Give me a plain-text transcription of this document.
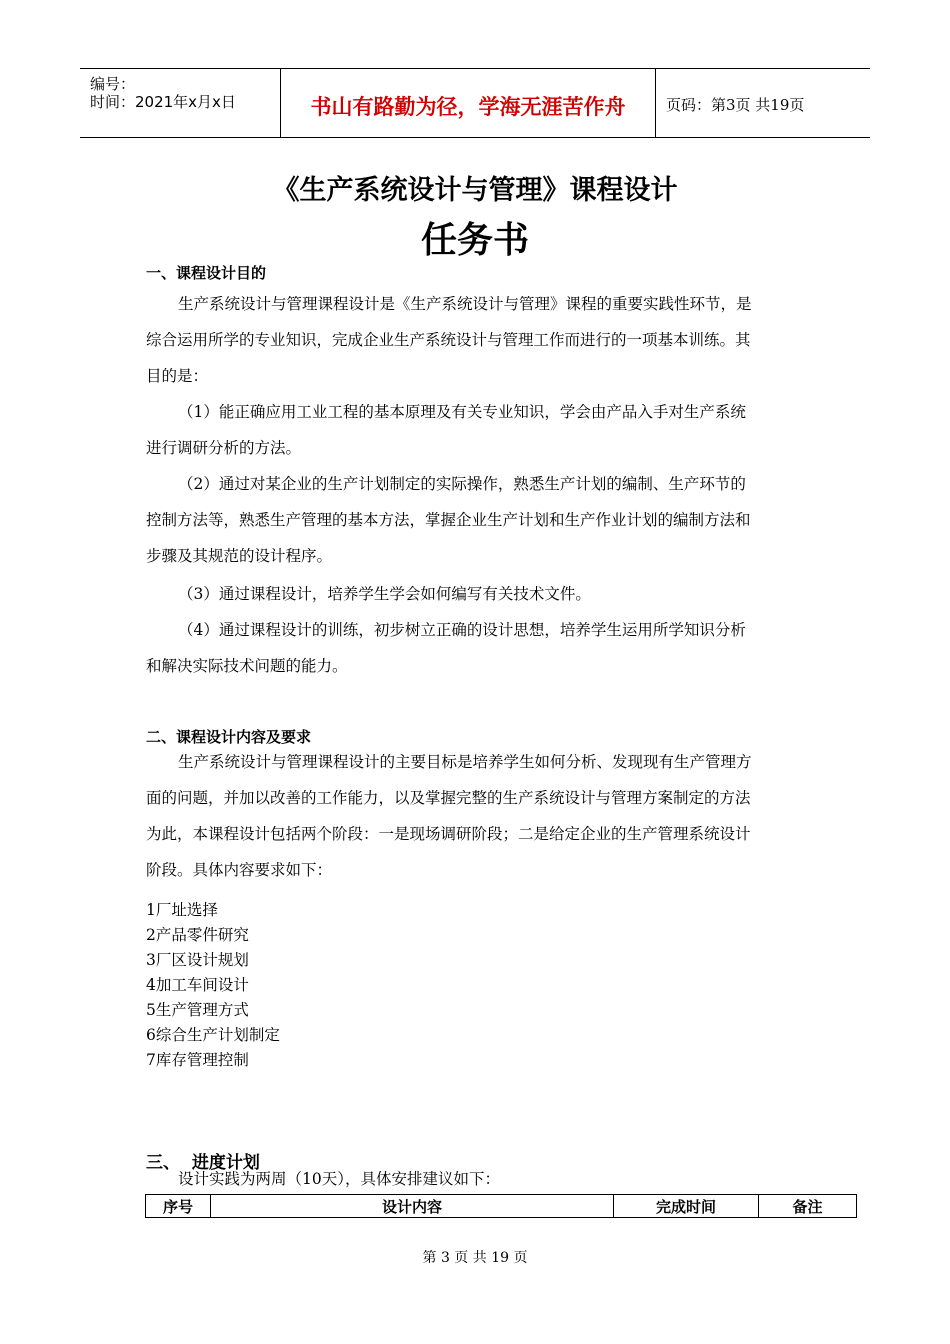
编号：
时间：2021年x月x日	书山有路勤为径，学海无涯苦作舟	页码：第3页 共19页
《生产系统设计与管理》课程设计
任务书
一、课程设计目的
生产系统设计与管理课程设计是《生产系统设计与管理》课程的重要实践性环节，是
综合运用所学的专业知识，完成企业生产系统设计与管理工作而进行的一项基本训练。其
目的是：
（1）能正确应用工业工程的基本原理及有关专业知识，学会由产品入手对生产系统
进行调研分析的方法。
（2）通过对某企业的生产计划制定的实际操作，熟悉生产计划的编制、生产环节的
控制方法等，熟悉生产管理的基本方法，掌握企业生产计划和生产作业计划的编制方法和
步骤及其规范的设计程序。
（3）通过课程设计，培养学生学会如何编写有关技术文件。
（4）通过课程设计的训练，初步树立正确的设计思想，培养学生运用所学知识分析
和解决实际技术问题的能力。
二、课程设计内容及要求
生产系统设计与管理课程设计的主要目标是培养学生如何分析、发现现有生产管理方
面的问题，并加以改善的工作能力，以及掌握完整的生产系统设计与管理方案制定的方法
为此，本课程设计包括两个阶段：一是现场调研阶段；二是给定企业的生产管理系统设计
阶段。具体内容要求如下：
1厂址选择
2产品零件研究
3厂区设计规划
4加工车间设计
5生产管理方式
6综合生产计划制定
7库存管理控制
三、  进度计划
设计实践为两周（10天），具体安排建议如下：
序号	设计内容	完成时间	备注
第 3 页 共 19 页
